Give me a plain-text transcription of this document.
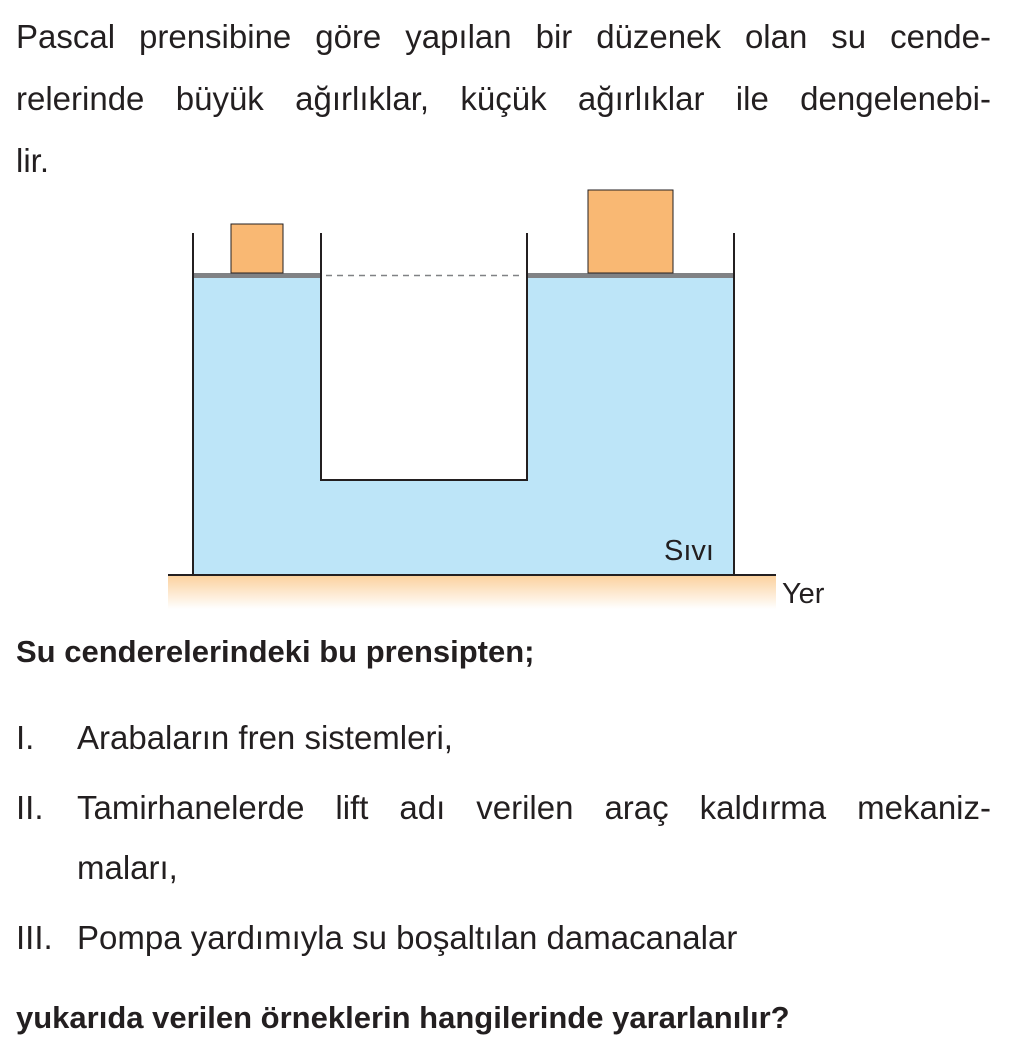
Pascal prensibine göre yapılan bir düzenek olan su cende-
relerinde büyük ağırlıklar, küçük ağırlıklar ile dengelenebi-
lir.

Sıvı
Yer

Su cenderelerindeki bu prensipten;

I. Arabaların fren sistemleri,
II. Tamirhanelerde lift adı verilen araç kaldırma mekaniz-
maları,
III. Pompa yardımıyla su boşaltılan damacanalar

yukarıda verilen örneklerin hangilerinde yararlanılır?
